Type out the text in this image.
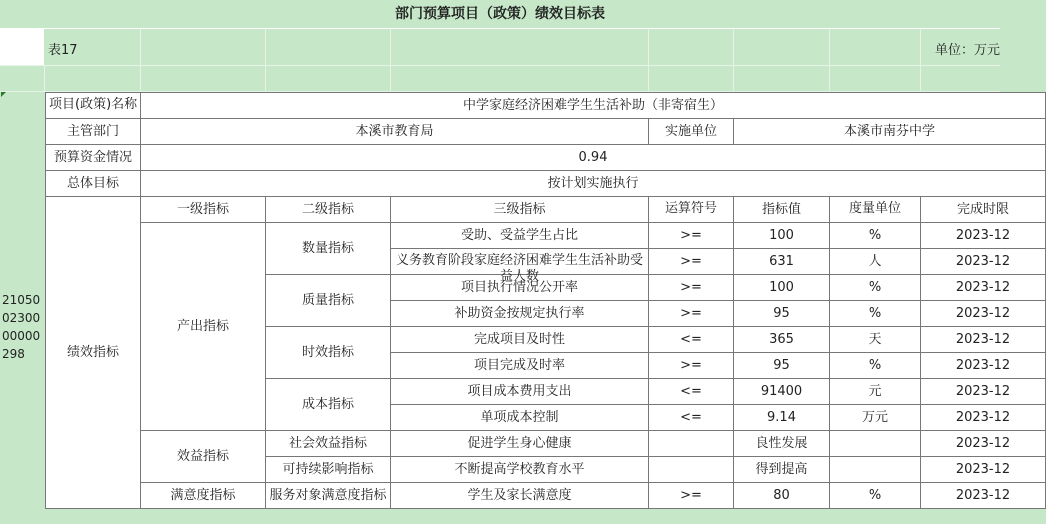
部门预算项目（政策）绩效目标表
表17	单位：万元
210500230000000298
项目(政策)名称	中学家庭经济困难学生生活补助（非寄宿生）						
主管部门	本溪市教育局			实施单位	本溪市南芬中学		
预算资金情况	0.94						
总体目标	按计划实施执行						
绩效指标	一级指标	二级指标	三级指标	运算符号	指标值	度量单位	完成时限
	产出指标	数量指标	受助、受益学生占比	>=	100	%	2023-12

			义务教育阶段家庭经济困难学生生活补助受益人数	>=	631	人	2023-12
		质量指标	项目执行情况公开率	>=	100	%	2023-12
			补助资金按规定执行率	>=	95	%	2023-12
		时效指标	完成项目及时性	<=	365	天	2023-12
			项目完成及时率	>=	95	%	2023-12
		成本指标	项目成本费用支出	<=	91400	元	2023-12
			单项成本控制	<=	9.14	万元	2023-12
	效益指标	社会效益指标	促进学生身心健康		良性发展		2023-12
		可持续影响指标	不断提高学校教育水平		得到提高		2023-12
	满意度指标	服务对象满意度指标	学生及家长满意度	>=	80	%	2023-12
